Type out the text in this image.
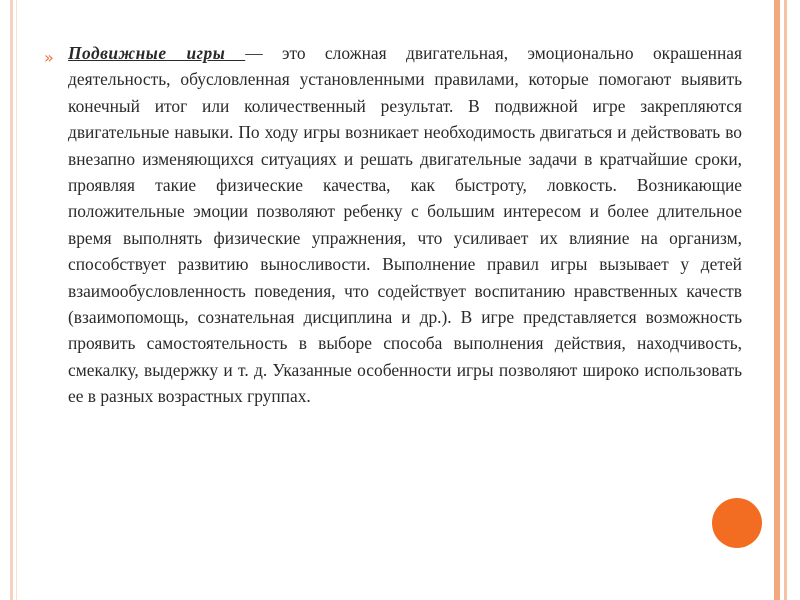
» Подвижные игры — это сложная двигательная, эмоционально окрашенная деятельность, обусловленная установленными правилами, которые помогают выявить конечный итог или количественный результат. В подвижной игре закрепляются двигательные навыки. По ходу игры возникает необходимость двигаться и действовать во внезапно изменяющихся ситуациях и решать двигательные задачи в кратчайшие сроки, проявляя такие физические качества, как быстроту, ловкость. Возникающие положительные эмоции позволяют ребенку с большим интересом и более длительное время выполнять физические упражнения, что усиливает их влияние на организм, способствует развитию выносливости. Выполнение правил игры вызывает у детей взаимообусловленность поведения, что содействует воспитанию нравственных качеств (взаимопомощь, сознательная дисциплина и др.). В игре представляется возможность проявить самостоятельность в выборе способа выполнения действия, находчивость, смекалку, выдержку и т. д. Указанные особенности игры позволяют широко использовать ее в разных возрастных группах.
